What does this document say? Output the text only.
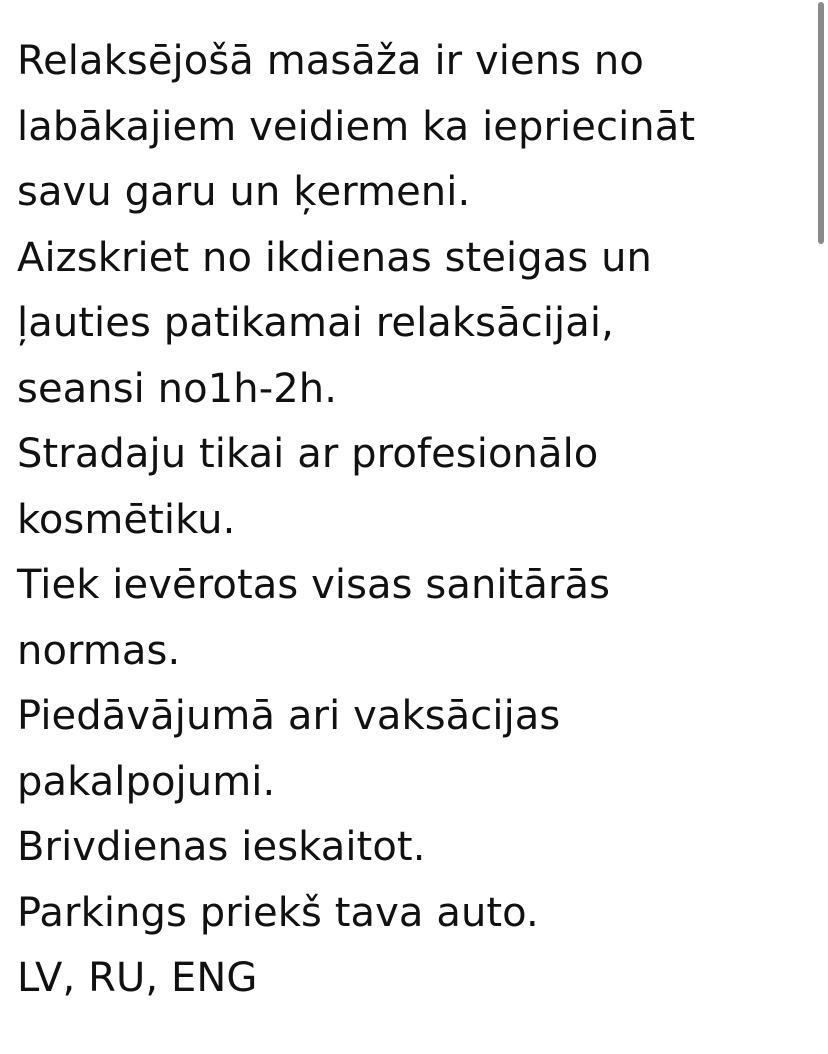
Relaksējošā masāža ir viens no
labākajiem veidiem ka iepriecināt
savu garu un ķermeni.
Aizskriet no ikdienas steigas un
ļauties patikamai relaksācijai,
seansi no1h-2h.
Stradaju tikai ar profesionālo
kosmētiku.
Tiek ievērotas visas sanitārās
normas.
Piedāvājumā ari vaksācijas
pakalpojumi.
Brivdienas ieskaitot.
Parkings priekš tava auto.
LV, RU, ENG
